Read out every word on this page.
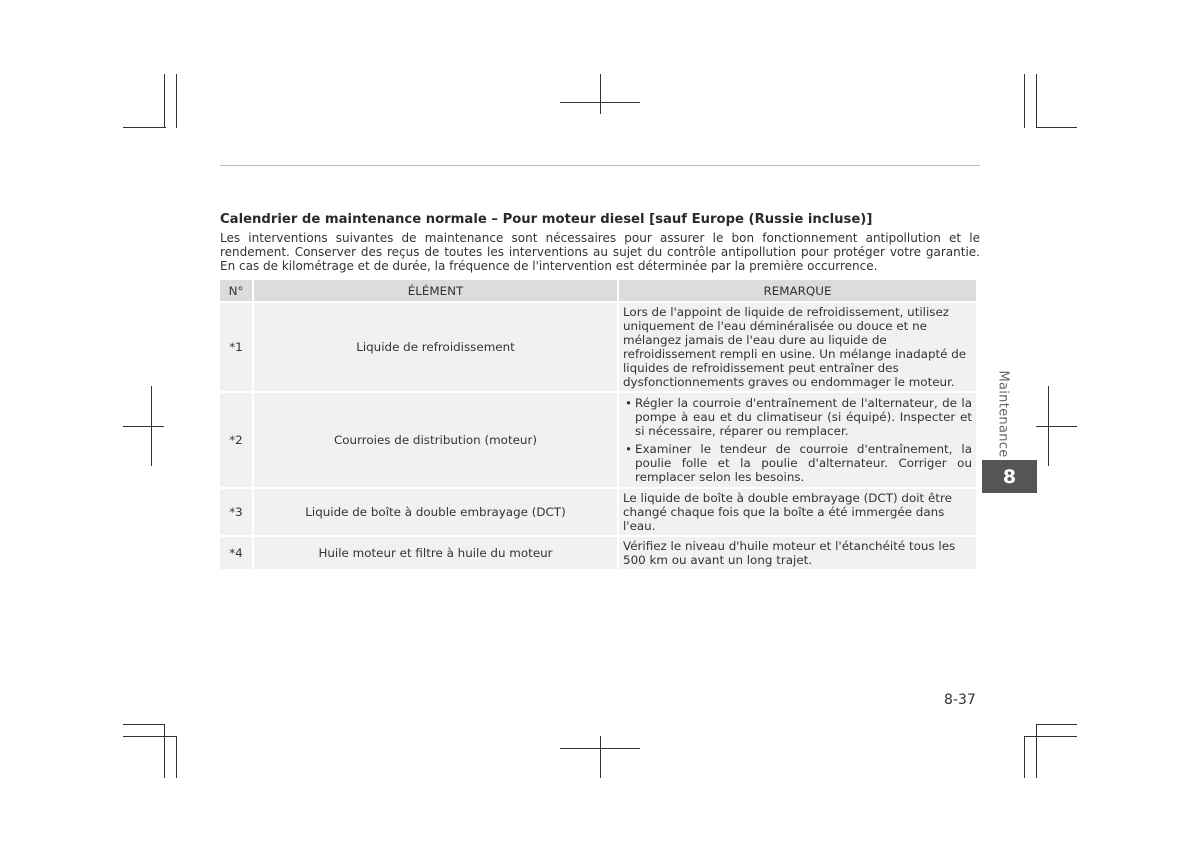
Calendrier de maintenance normale – Pour moteur diesel [sauf Europe (Russie incluse)]
Les interventions suivantes de maintenance sont nécessaires pour assurer le bon fonctionnement antipollution et le rendement. Conserver des reçus de toutes les interventions au sujet du contrôle antipollution pour protéger votre garantie. En cas de kilométrage et de durée, la fréquence de l'intervention est déterminée par la première occurrence.
N°	ÉLÉMENT	REMARQUE
*1	Liquide de refroidissement	Lors de l'appoint de liquide de refroidissement, utilisez uniquement de l'eau déminéralisée ou douce et ne mélangez jamais de l'eau dure au liquide de refroidissement rempli en usine. Un mélange inadapté de liquides de refroidissement peut entraîner des dysfonctionnements graves ou endommager le moteur.
*2	Courroies de distribution (moteur)	• Régler la courroie d'entraînement de l'alternateur, de la pompe à eau et du climatiseur (si équipé). Inspecter et si nécessaire, réparer ou remplacer.
• Examiner le tendeur de courroie d'entraînement, la poulie folle et la poulie d'alternateur. Corriger ou remplacer selon les besoins.

*3	Liquide de boîte à double embrayage (DCT)	Le liquide de boîte à double embrayage (DCT) doit être changé chaque fois que la boîte a été immergée dans l'eau.
*4	Huile moteur et filtre à huile du moteur	Vérifiez le niveau d'huile moteur et l'étanchéité tous les 500 km ou avant un long trajet.
Maintenance
8
8-37
